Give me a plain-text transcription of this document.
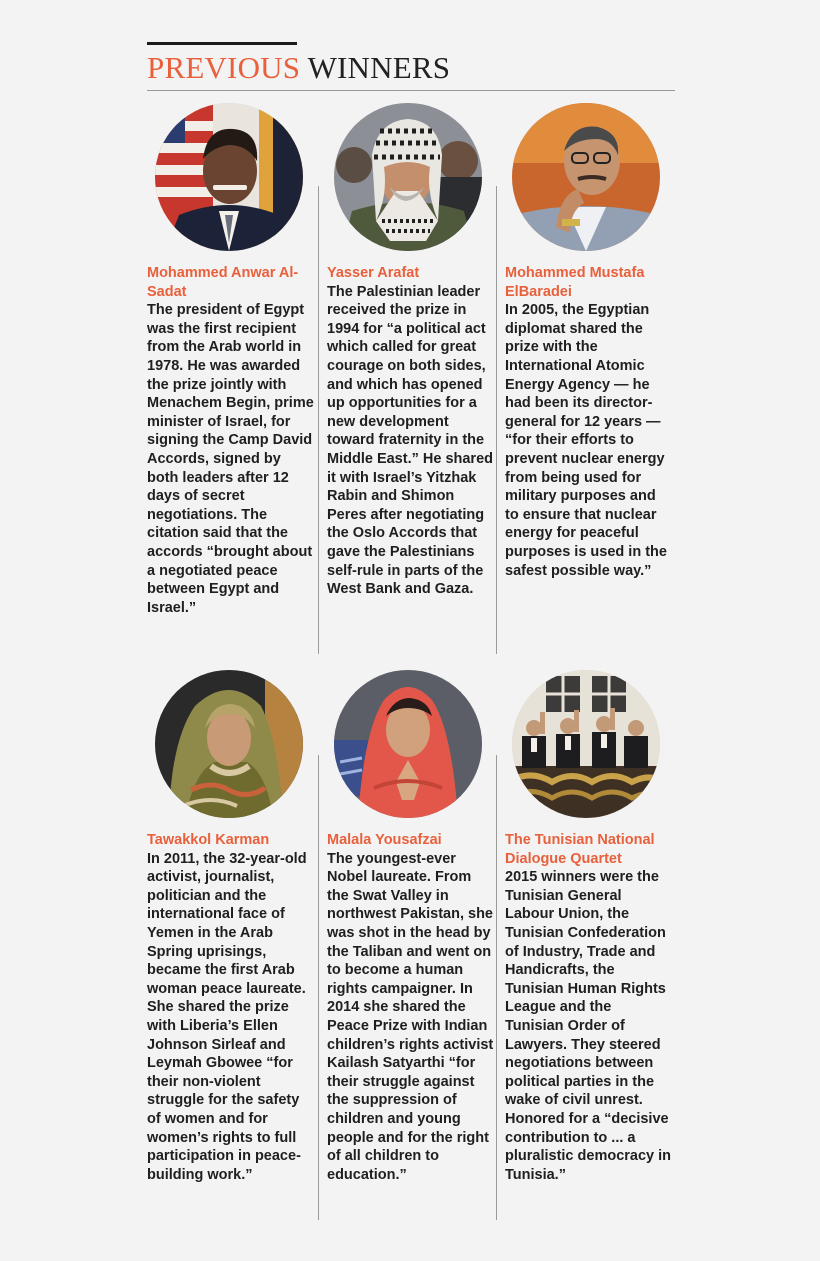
PREVIOUS WINNERS
Mohammed Anwar Al-Sadat
The president of Egypt was the first recipient from the Arab world in 1978. He was awarded the prize jointly with Menachem Begin, prime minister of Israel, for signing the Camp David Accords, signed by both leaders after 12 days of secret negotiations. The citation said that the accords “brought about a negotiated peace between Egypt and Israel.”
Yasser Arafat
The Palestinian leader received the prize in 1994 for “a political act which called for great courage on both sides, and which has opened up opportunities for a new development toward fraternity in the Middle East.” He shared it with Israel’s Yitzhak Rabin and Shimon Peres after negotiating the Oslo Accords that gave the Palestinians self-rule in parts of the West Bank and Gaza.
Mohammed Mustafa ElBaradei
In 2005, the Egyptian diplomat shared the prize with the International Atomic Energy Agency — he had been its director-general for 12 years — “for their efforts to prevent nuclear energy from being used for military purposes and to ensure that nuclear energy for peaceful purposes is used in the safest possible way.”
Tawakkol Karman
In 2011, the 32-year-old activist, journalist, politician and the international face of Yemen in the Arab Spring uprisings, became the first Arab woman peace laureate. She shared the prize with Liberia’s Ellen Johnson Sirleaf and Leymah Gbowee “for their non-violent struggle for the safety of women and for women’s rights to full participation in peace-building work.”
Malala Yousafzai
The youngest-ever Nobel laureate. From the Swat Valley in northwest Pakistan, she was shot in the head by the Taliban and went on to become a human rights campaigner. In 2014 she shared the Peace Prize with Indian children’s rights activist Kailash Satyarthi “for their struggle against the suppression of children and young people and for the right of all children to education.”
The Tunisian National Dialogue Quartet
2015 winners were the Tunisian General Labour Union, the Tunisian Confederation of Industry, Trade and Handicrafts, the Tunisian Human Rights League and the Tunisian Order of Lawyers. They steered negotiations between political parties in the wake of civil unrest. Honored for a “decisive contribution to ... a pluralistic democracy in Tunisia.”
